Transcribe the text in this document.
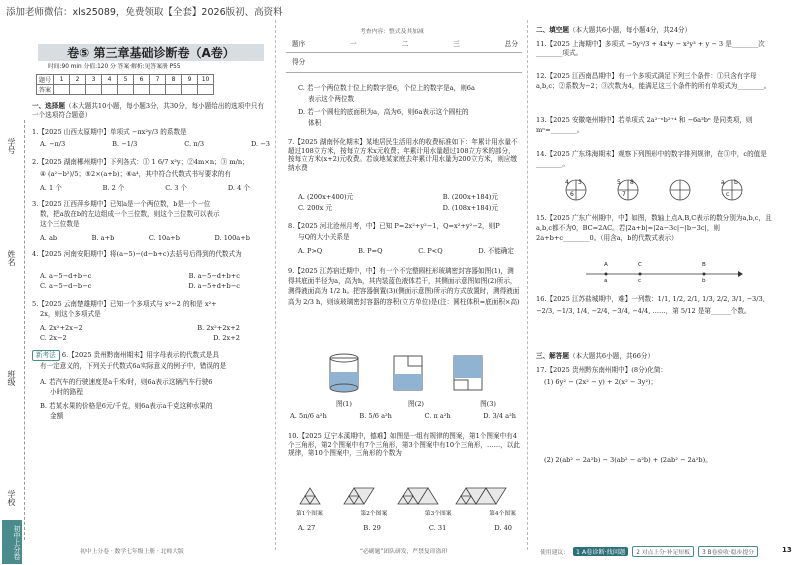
添加老师微信：xls25089，免费领取【全套】2026版初、高资料
学号
姓名
班级
学校
初中上分卷
卷⑤ 第三章基础诊断卷（A卷）
时间:90 min 分值:120 分 答案·解析:见答案册 P55
题号	1	2	3	4	5	6	7	8	9	10
答案										
一、选择题（本大题共10小题，每小题3分，共30分，每小题给出的选项中只有一个选项符合题意）
1.【2025 山西太原期中】单项式 −πx²y/3 的系数是
A. −π/3	B. −1/3	C. π/3	D. −3
2.【2025 湖南郴州期中】下列各式：① 1 6/7 x²y；②4m×n；③ m/n；
④ (a²−b²)/5；⑤2×(a+b)；⑥a⁴，其中符合代数式书写要求的有
A. 1 个	B. 2 个	C. 3 个	D. 4 个
3.【2025 江西萍乡期中】已知a是一个两位数，b是一个一位
数，把a放在b的左边组成一个三位数，则这个三位数可以表示
这个三位数是
A. ab	B. a+b	C. 10a+b	D. 100a+b
4.【2025 河南安阳期中】将(a−5)−(d−b+c)去括号后得到的代数式为
A. a−5−d+b−c	B. a−5−d+b+c
C. a−5−d−b−c	D. a−5+d+b−c
5.【2025 云南楚雄期中】已知一个多项式与 x²−2 的和是 x²+
2x，则这个多项式是
A. 2x²+2x−2	B. 2x²+2x+2
C. 2x−2	D. 2x+2
新考法 6.【2025 贵州黔南州期末】用字母表示的代数式是具
有一定意义的，下列关于代数式6a实际意义的例子中，错误的是
A. 若汽车的行驶速度是a千米/时，则6a表示这辆汽车行驶6
小时的路程
B. 若某水果的价格是6元/千克，则6a表示a千克这种水果的
金额
初中上分卷 · 数学七年级上册 · 北师大版
考查内容：整式及其加减
题序	一	二	三	总分
得分
C. 若一个两位数十位上的数字是6，个位上的数字是a，则6a
表示这个两位数
D. 若一个圆柱的底面积为a，高为6，则6a表示这个圆柱的
体积
7.【2025 湖南怀化期末】某地居民生活用水的收费标准如下：年累计用水量不超过108立方米，按每立方米x元收费；年累计用水量超过108立方米的部分，按每立方米(x+2)元收费。若该地某家庭去年累计用水量为200立方米，则应缴纳水费
A. (200x+400)元	B. (200x+184)元
C. 200x 元	D. (108x+184)元
8.【2025 河北沧州月考，中】已知 P=2x²+y²−1，Q=x²+y²−2，则P
与Q的大小关系是
A. P>Q	B. P=Q	C. P<Q	D. 不能确定
9.【2025 江苏宿迁期中，中】有一个不完整圆柱形玻璃密封容器如图(1)，测得其底面半径为a，高为h，其内装蓝色液体若干，其侧面示意图如图(2)所示，测得液面高为 1/2 h。把容器倒置(3)(侧面示意图)所示的方式放置时，测得液面高为 2/3 h，则该玻璃密封容器的容积(立方单位)是(注：圆柱体积=底面积×高)
图(1)	图(2)	图(3)
A. 5π/6 a²h	B. 5/6 a²h	C. π a²h	D. 3/4 a²h
10.【2025 辽宁本溪期中，德难】如图是一组有规律的图案，第1个图案中有4个三角形，第2个图案中有7个三角形，第3个图案中有10个三角形，……，以此规律，第10个图案中，三角形的个数为
第1个图案	第2个图案	第3个图案	第4个图案
A. 27	B. 29	C. 31	D. 40
“必刷题”团队研发，严禁复印盗印
二、填空题（本大题共6小题，每小题4分，共24分）
11.【2025 上海期中】多项式 −5y²/3 + 4x⁴y − x²y³ + y − 3 是________次________项式。
12.【2025 江西南昌期中】有一个多项式满足下列三个条件：①只含有字母a,b,c；②系数为−2；③次数为4，能满足这三个条件的所有单项式为________。
13.【2025 安徽亳州期中】若单项式 2a²⁻ⁿb²⁺⁴ 和 −6a³bⁿ 是同类项，则 mⁿ=________。
14.【2025 广东珠海期末】观察下列图形中的数字排列规律，在③中，c的值是________。
4 3
6
5 8
7
a b
c
15.【2025 广东广州期中，中】如图，数轴上点A,B,C表示的数分别为a,b,c，且a,b,c都不为0，BC=2AC。若|2a+b|=|2a−3c|−|b−3c|，则2a+b+c________0。（用含a，b的代数式表示）
A	C	B
a	c	b
16.【2025 江苏盐城期中，难】一列数：1/1, 1/2, 2/1, 1/3, 2/2, 3/1, −3/3, −2/3, −1/3, 1/4, −2/4, −3/4, −4/4, ……，第 5/12 是第______个数。
三、解答题（本大题共6小题，共66分）
17.【2025 贵州黔东南州期中】(8分)化简：
(1) 6y² − (2x² − y) + 2(x² − 3y²)；
(2) 2(ab² − 2a²b) − 3(ab² − a²b) + (2ab² − 2a²b)。
使用建议：	1 A卷诊断·找问题	2 对点上分·补足短板	3 B卷验收·稳步提分	13
